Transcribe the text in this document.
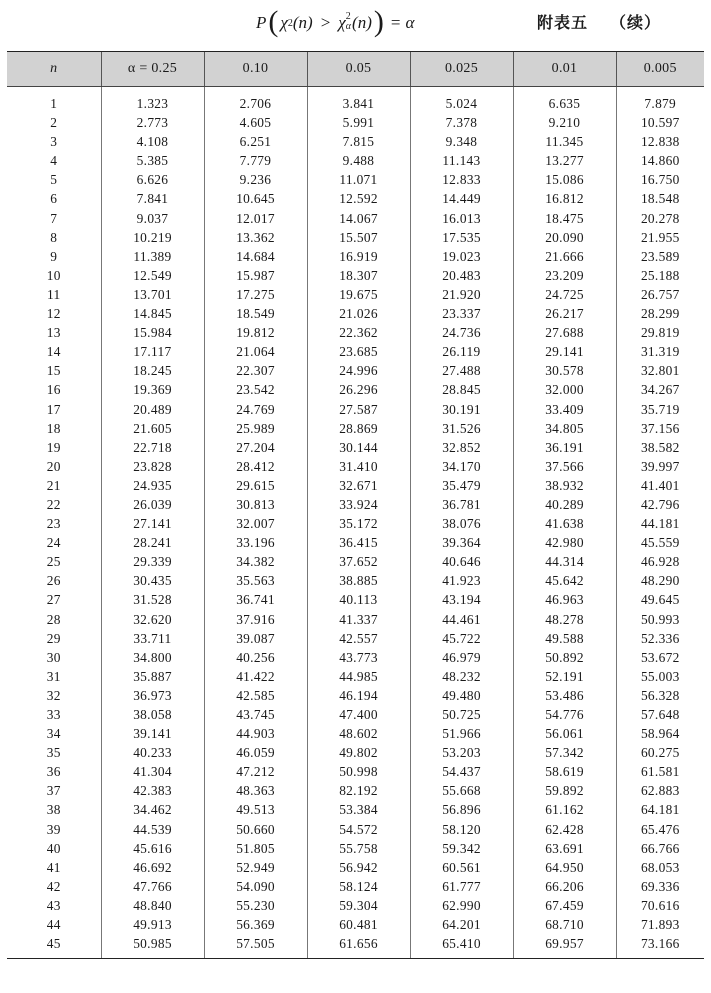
P ( χ 2 (n) > χ 2
α (n) ) = α	附表五 （续）
n	α = 0.25	0.10	0.05	0.025	0.01	0.005
1	1.323	2.706	3.841	5.024	6.635	7.879
2	2.773	4.605	5.991	7.378	9.210	10.597
3	4.108	6.251	7.815	9.348	11.345	12.838
4	5.385	7.779	9.488	11.143	13.277	14.860
5	6.626	9.236	11.071	12.833	15.086	16.750
6	7.841	10.645	12.592	14.449	16.812	18.548
7	9.037	12.017	14.067	16.013	18.475	20.278
8	10.219	13.362	15.507	17.535	20.090	21.955
9	11.389	14.684	16.919	19.023	21.666	23.589
10	12.549	15.987	18.307	20.483	23.209	25.188
11	13.701	17.275	19.675	21.920	24.725	26.757
12	14.845	18.549	21.026	23.337	26.217	28.299
13	15.984	19.812	22.362	24.736	27.688	29.819
14	17.117	21.064	23.685	26.119	29.141	31.319
15	18.245	22.307	24.996	27.488	30.578	32.801
16	19.369	23.542	26.296	28.845	32.000	34.267
17	20.489	24.769	27.587	30.191	33.409	35.719
18	21.605	25.989	28.869	31.526	34.805	37.156
19	22.718	27.204	30.144	32.852	36.191	38.582
20	23.828	28.412	31.410	34.170	37.566	39.997
21	24.935	29.615	32.671	35.479	38.932	41.401
22	26.039	30.813	33.924	36.781	40.289	42.796
23	27.141	32.007	35.172	38.076	41.638	44.181
24	28.241	33.196	36.415	39.364	42.980	45.559
25	29.339	34.382	37.652	40.646	44.314	46.928
26	30.435	35.563	38.885	41.923	45.642	48.290
27	31.528	36.741	40.113	43.194	46.963	49.645
28	32.620	37.916	41.337	44.461	48.278	50.993
29	33.711	39.087	42.557	45.722	49.588	52.336
30	34.800	40.256	43.773	46.979	50.892	53.672
31	35.887	41.422	44.985	48.232	52.191	55.003
32	36.973	42.585	46.194	49.480	53.486	56.328
33	38.058	43.745	47.400	50.725	54.776	57.648
34	39.141	44.903	48.602	51.966	56.061	58.964
35	40.233	46.059	49.802	53.203	57.342	60.275
36	41.304	47.212	50.998	54.437	58.619	61.581
37	42.383	48.363	82.192	55.668	59.892	62.883
38	34.462	49.513	53.384	56.896	61.162	64.181
39	44.539	50.660	54.572	58.120	62.428	65.476
40	45.616	51.805	55.758	59.342	63.691	66.766
41	46.692	52.949	56.942	60.561	64.950	68.053
42	47.766	54.090	58.124	61.777	66.206	69.336
43	48.840	55.230	59.304	62.990	67.459	70.616
44	49.913	56.369	60.481	64.201	68.710	71.893
45	50.985	57.505	61.656	65.410	69.957	73.166
